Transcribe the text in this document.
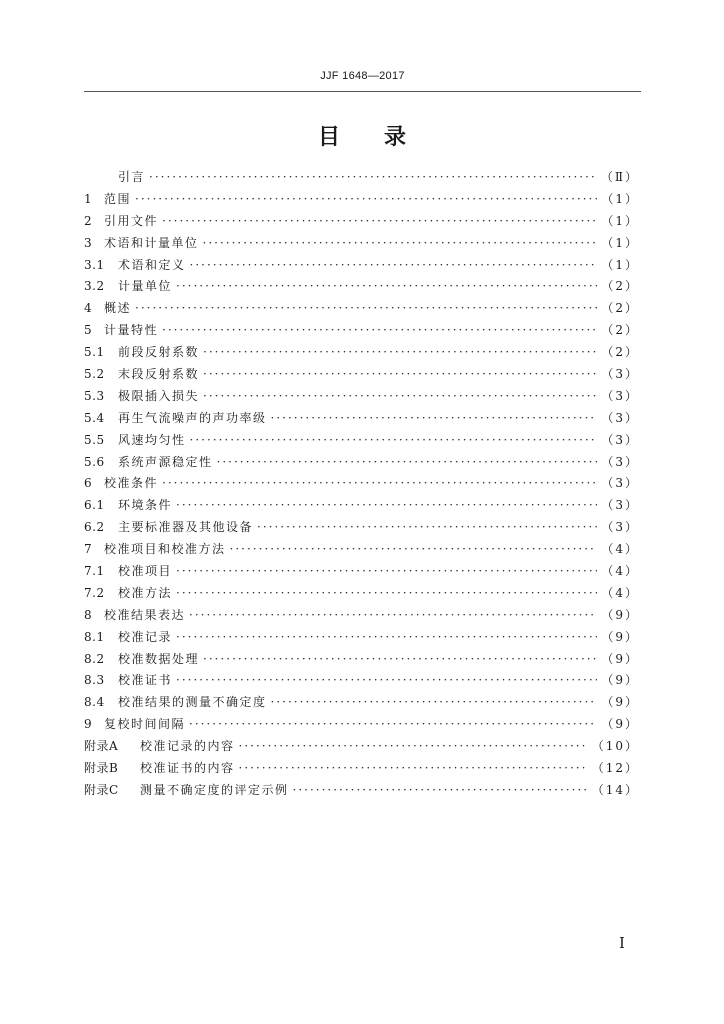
JJF 1648—2017
目录
引言 ·····	（Ⅱ）
1 范围 ·····	（1）
2 引用文件 ·····	（1）
3 术语和计量单位 ·····	（1）
3.1	术语和定义 ·····	（1）
3.2	计量单位 ·····	（2）
4 概述 ·····	（2）
5 计量特性 ·····	（2）
5.1	前段反射系数 ·····	（2）
5.2	末段反射系数 ·····	（3）
5.3	极限插入损失 ·····	（3）
5.4	再生气流噪声的声功率级 ·····	（3）
5.5	风速均匀性 ·····	（3）
5.6	系统声源稳定性 ·····	（3）
6 校准条件 ·····	（3）
6.1	环境条件 ·····	（3）
6.2	主要标准器及其他设备 ·····	（3）
7 校准项目和校准方法 ·····	（4）
7.1	校准项目 ·····	（4）
7.2	校准方法 ·····	（4）
8 校准结果表达 ·····	（9）
8.1	校准记录 ·····	（9）
8.2	校准数据处理 ·····	（9）
8.3	校准证书 ·····	（9）
8.4	校准结果的测量不确定度 ·····	（9）
9 复校时间间隔 ·····	（9）
附录A	校准记录的内容 ·····	（10）
附录B	校准证书的内容 ·····	（12）
附录C	测量不确定度的评定示例 ·····	（14）
Ⅰ
